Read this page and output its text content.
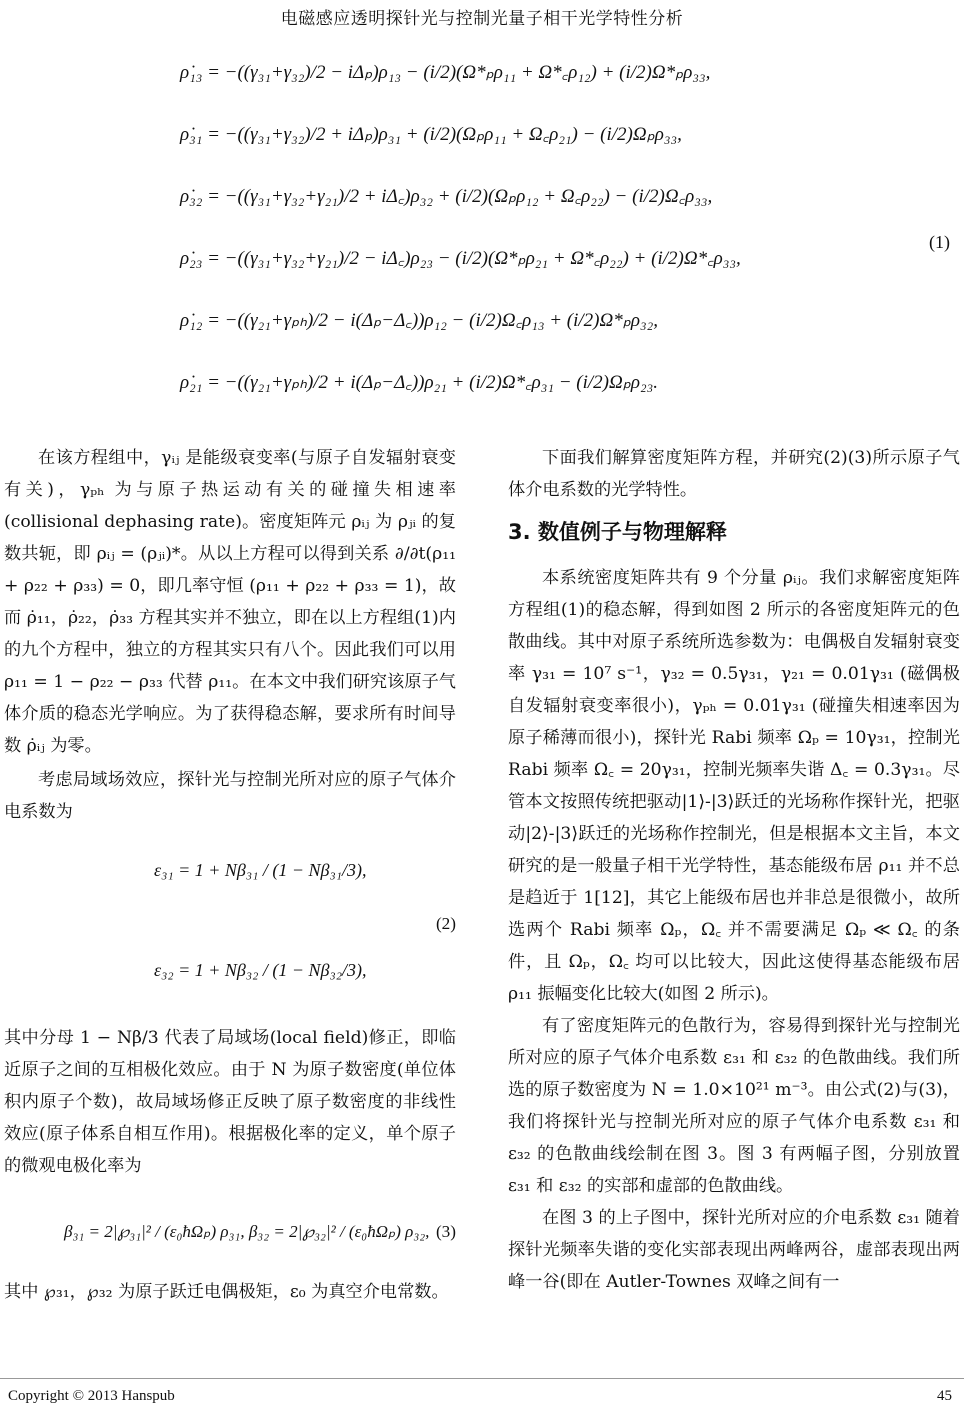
电磁感应透明探针光与控制光量子相干光学特性分析
ρ̇₁₃ = −((γ₃₁+γ₃₂)/2 − iΔₚ)ρ₁₃ − (i/2)(Ω*ₚρ₁₁ + Ω*꜀ρ₁₂) + (i/2)Ω*ₚρ₃₃,
ρ̇₃₁ = −((γ₃₁+γ₃₂)/2 + iΔₚ)ρ₃₁ + (i/2)(Ωₚρ₁₁ + Ω꜀ρ₂₁) − (i/2)Ωₚρ₃₃,
ρ̇₃₂ = −((γ₃₁+γ₃₂+γ₂₁)/2 + iΔ꜀)ρ₃₂ + (i/2)(Ωₚρ₁₂ + Ω꜀ρ₂₂) − (i/2)Ω꜀ρ₃₃,
ρ̇₂₃ = −((γ₃₁+γ₃₂+γ₂₁)/2 − iΔ꜀)ρ₂₃ − (i/2)(Ω*ₚρ₂₁ + Ω*꜀ρ₂₂) + (i/2)Ω*꜀ρ₃₃,
ρ̇₁₂ = −((γ₂₁+γₚₕ)/2 − i(Δₚ−Δ꜀))ρ₁₂ − (i/2)Ω꜀ρ₁₃ + (i/2)Ω*ₚρ₃₂,
ρ̇₂₁ = −((γ₂₁+γₚₕ)/2 + i(Δₚ−Δ꜀))ρ₂₁ + (i/2)Ω*꜀ρ₃₁ − (i/2)Ωₚρ₂₃.
(1)

在该方程组中，γᵢⱼ 是能级衰变率(与原子自发辐射衰变有关)，γₚₕ 为与原子热运动有关的碰撞失相速率(collisional dephasing rate)。密度矩阵元 ρᵢⱼ 为 ρⱼᵢ 的复数共轭，即 ρᵢⱼ = (ρⱼᵢ)*。从以上方程可以得到关系 ∂/∂t(ρ₁₁ + ρ₂₂ + ρ₃₃) = 0，即几率守恒 (ρ₁₁ + ρ₂₂ + ρ₃₃ = 1)，故而 ρ̇₁₁，ρ̇₂₂，ρ̇₃₃ 方程其实并不独立，即在以上方程组(1)内的九个方程中，独立的方程其实只有八个。因此我们可以用 ρ₁₁ = 1 − ρ₂₂ − ρ₃₃ 代替 ρ₁₁。在本文中我们研究该原子气体介质的稳态光学响应。为了获得稳态解，要求所有时间导数 ρ̇ᵢⱼ 为零。

考虑局域场效应，探针光与控制光所对应的原子气体介电系数为

ε₃₁ = 1 + Nβ₃₁ / (1 − Nβ₃₁/3),
ε₃₂ = 1 + Nβ₃₂ / (1 − Nβ₃₂/3),
(2)

其中分母 1 − Nβ/3 代表了局域场(local field)修正，即临近原子之间的互相极化效应。由于 N 为原子数密度(单位体积内原子个数)，故局域场修正反映了原子数密度的非线性效应(原子体系自相互作用)。根据极化率的定义，单个原子的微观电极化率为

β₃₁ = 2|℘₃₁|² / (ε₀ħΩₚ) ρ₃₁, β₃₂ = 2|℘₃₂|² / (ε₀ħΩₚ) ρ₃₂, (3)

其中 ℘₃₁，℘₃₂ 为原子跃迁电偶极矩，ε₀ 为真空介电常数。

下面我们解算密度矩阵方程，并研究(2)(3)所示原子气体介电系数的光学特性。

3. 数值例子与物理解释

本系统密度矩阵共有 9 个分量 ρᵢⱼ。我们求解密度矩阵方程组(1)的稳态解，得到如图 2 所示的各密度矩阵元的色散曲线。其中对原子系统所选参数为：电偶极自发辐射衰变率 γ₃₁ = 10⁷ s⁻¹，γ₃₂ = 0.5γ₃₁，γ₂₁ = 0.01γ₃₁ (磁偶极自发辐射衰变率很小)，γₚₕ = 0.01γ₃₁ (碰撞失相速率因为原子稀薄而很小)，探针光 Rabi 频率 Ωₚ = 10γ₃₁，控制光 Rabi 频率 Ω꜀ = 20γ₃₁，控制光频率失谐 Δ꜀ = 0.3γ₃₁。尽管本文按照传统把驱动|1⟩-|3⟩跃迁的光场称作探针光，把驱动|2⟩-|3⟩跃迁的光场称作控制光，但是根据本文主旨，本文研究的是一般量子相干光学特性，基态能级布居 ρ₁₁ 并不总是趋近于 1[12]，其它上能级布居也并非总是很微小，故所选两个 Rabi 频率 Ωₚ，Ω꜀ 并不需要满足 Ωₚ ≪ Ω꜀ 的条件，且 Ωₚ，Ω꜀ 均可以比较大，因此这使得基态能级布居 ρ₁₁ 振幅变化比较大(如图 2 所示)。

有了密度矩阵元的色散行为，容易得到探针光与控制光所对应的原子气体介电系数 ε₃₁ 和 ε₃₂ 的色散曲线。我们所选的原子数密度为 N = 1.0×10²¹ m⁻³。由公式(2)与(3)，我们将探针光与控制光所对应的原子气体介电系数 ε₃₁ 和 ε₃₂ 的色散曲线绘制在图 3。图 3 有两幅子图，分别放置 ε₃₁ 和 ε₃₂ 的实部和虚部的色散曲线。

在图 3 的上子图中，探针光所对应的介电系数 ε₃₁ 随着探针光频率失谐的变化实部表现出两峰两谷，虚部表现出两峰一谷(即在 Autler-Townes 双峰之间有一

Copyright © 2013 Hanspub	45
